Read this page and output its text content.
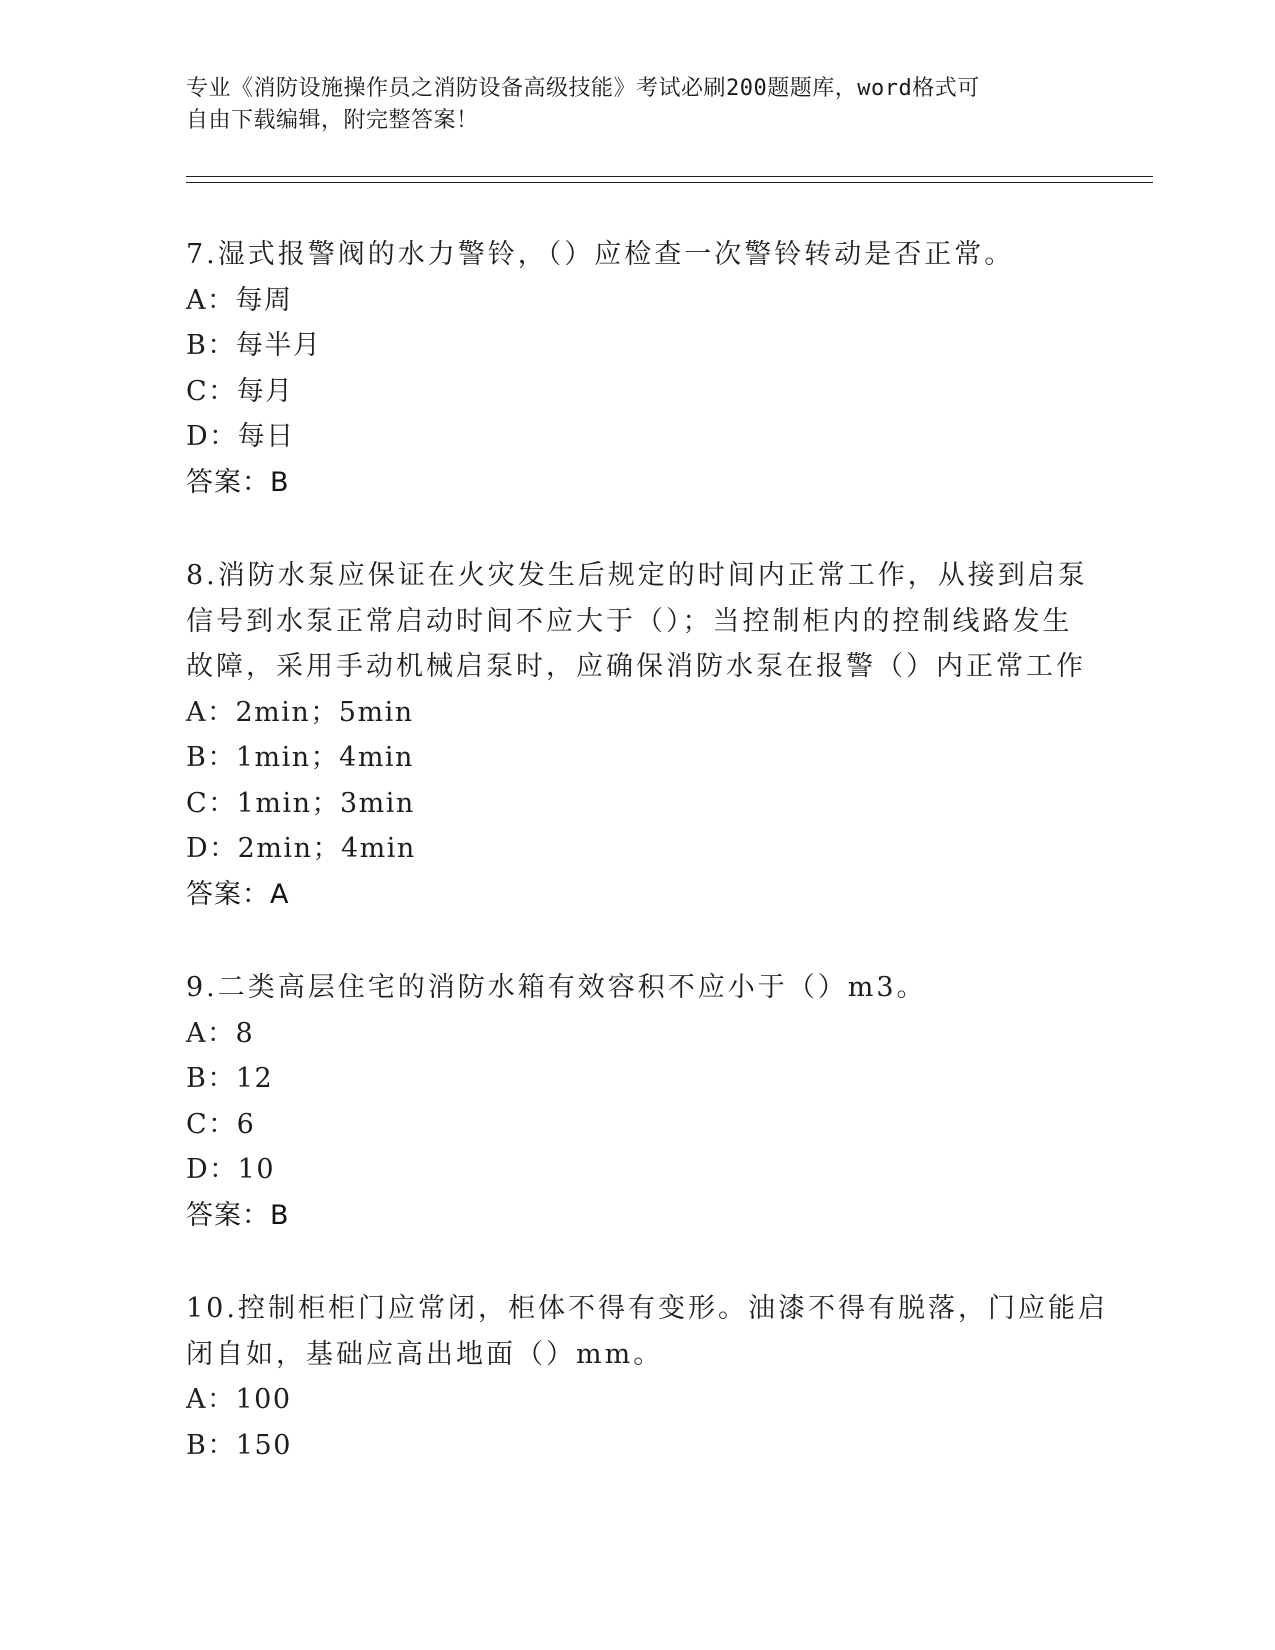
专业《消防设施操作员之消防设备高级技能》考试必刷200题题库，word格式可
自由下载编辑，附完整答案！
7.湿式报警阀的水力警铃，（）应检查一次警铃转动是否正常。
A：每周
B：每半月
C：每月
D：每日
答案：B
8.消防水泵应保证在火灾发生后规定的时间内正常工作，从接到启泵
信号到水泵正常启动时间不应大于（）；当控制柜内的控制线路发生
故障，采用手动机械启泵时，应确保消防水泵在报警（）内正常工作
A：2min；5min
B：1min；4min
C：1min；3min
D：2min；4min
答案：A
9.二类高层住宅的消防水箱有效容积不应小于（）m3。
A：8
B：12
C：6
D：10
答案：B
10.控制柜柜门应常闭，柜体不得有变形。油漆不得有脱落，门应能启
闭自如，基础应高出地面（）mm。
A：100
B：150
